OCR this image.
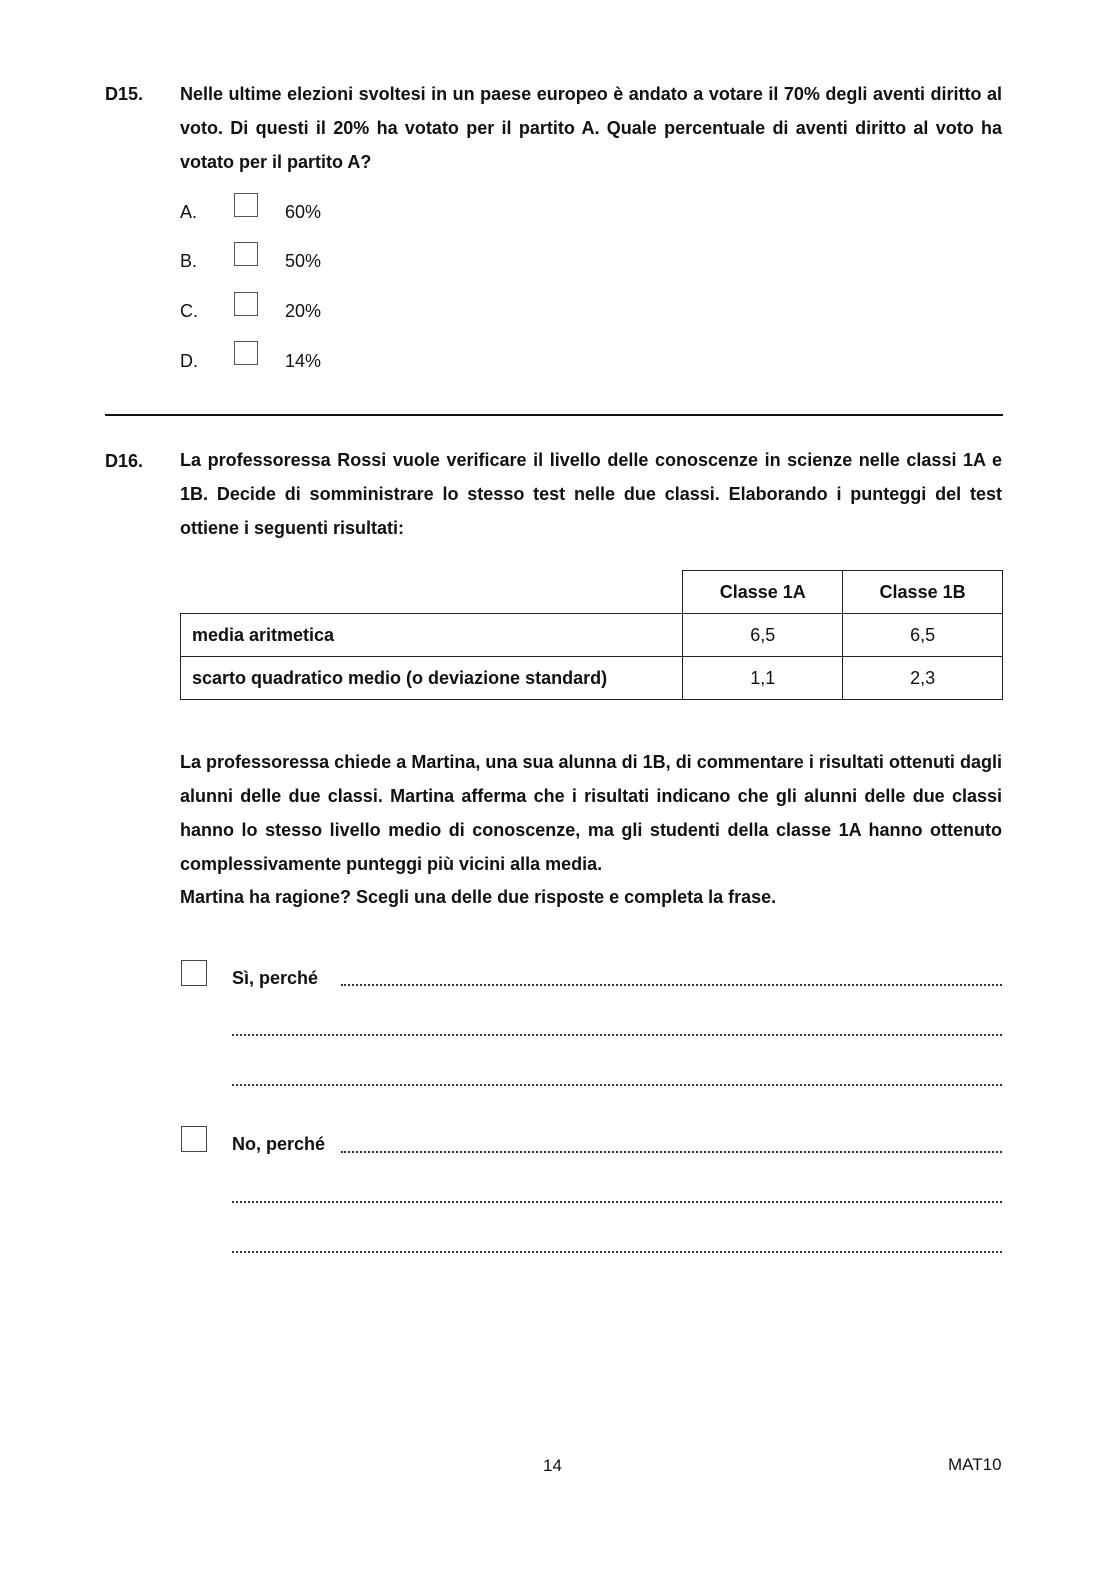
D15. Nelle ultime elezioni svoltesi in un paese europeo è andato a votare il 70% degli aventi diritto al voto. Di questi il 20% ha votato per il partito A. Quale percentuale di aventi diritto al voto ha votato per il partito A?
A.	60%
B.	50%
C.	20%
D.	14%
D16. La professoressa Rossi vuole verificare il livello delle conoscenze in scienze nelle classi 1A e 1B. Decide di somministrare lo stesso test nelle due classi. Elaborando i punteggi del test ottiene i seguenti risultati:
	Classe 1A	Classe 1B
media aritmetica	6,5	6,5
scarto quadratico medio (o deviazione standard)	1,1	2,3
La professoressa chiede a Martina, una sua alunna di 1B, di commentare i risultati ottenuti dagli alunni delle due classi. Martina afferma che i risultati indicano che gli alunni delle due classi hanno lo stesso livello medio di conoscenze, ma gli studenti della classe 1A hanno ottenuto complessivamente punteggi più vicini alla media.
Martina ha ragione? Scegli una delle due risposte e completa la frase.
Sì, perché
No, perché
14	MAT10
